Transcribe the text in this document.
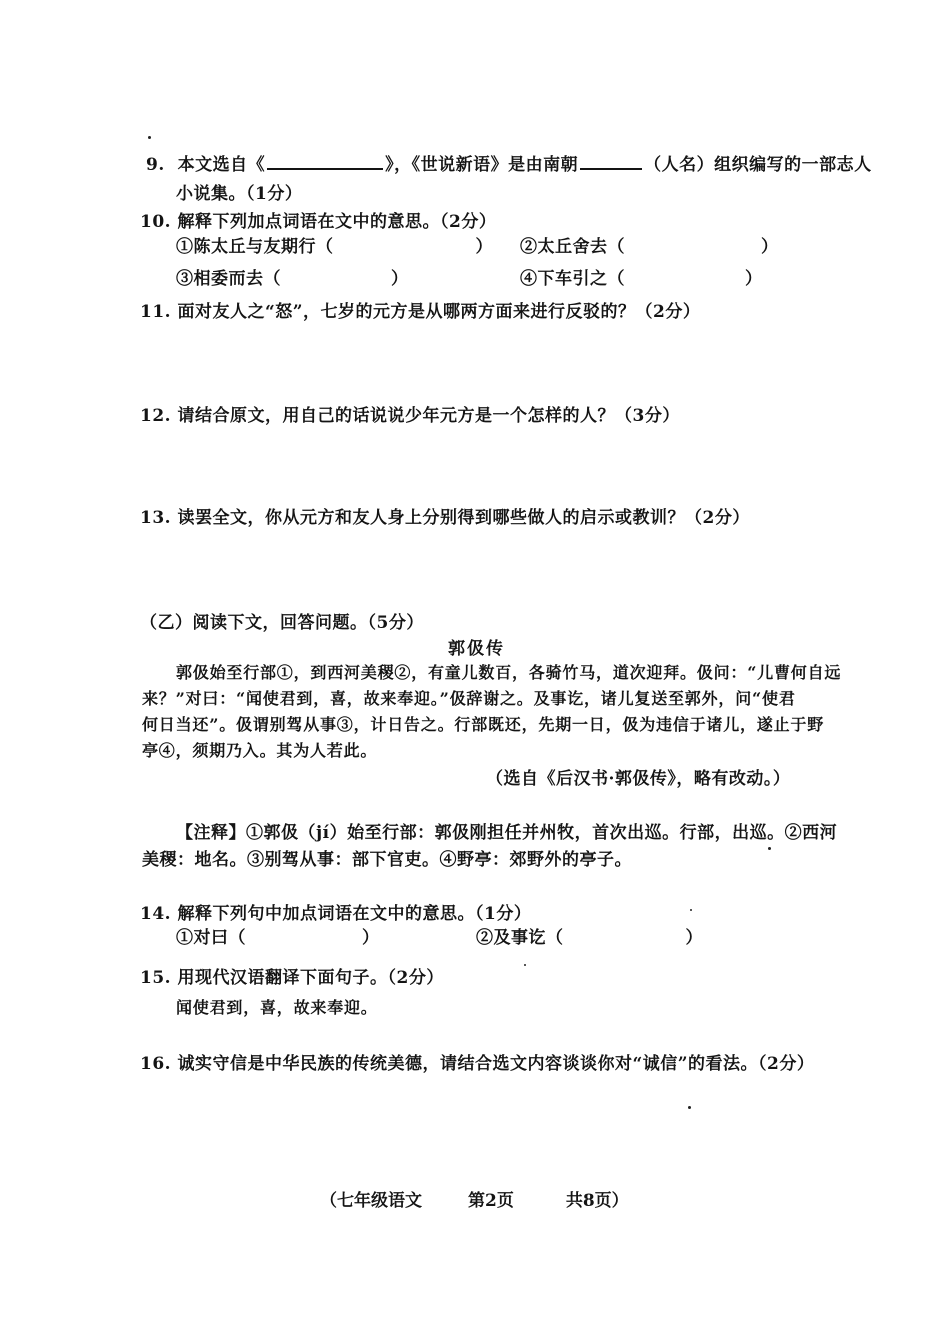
9. 本文选自《	》，《世说新语》是由南朝	（人名）组织编写的一部志人
小说集。（1分）
10. 解释下列加点词语在文中的意思。（2分）
①陈太丘与友期行（	） ②太丘舍去（	）
③相委而去（	）	④下车引之（	）
11. 面对友人之“怒”，七岁的元方是从哪两方面来进行反驳的？（2分）
12. 请结合原文，用自己的话说说少年元方是一个怎样的人？（3分）
13. 读罢全文，你从元方和友人身上分别得到哪些做人的启示或教训？（2分）
（乙）阅读下文，回答问题。（5分）
郭伋传
郭伋始至行部①，到西河美稷②，有童儿数百，各骑竹马，道次迎拜。伋问：“儿曹何自远
来？”对曰：“闻使君到，喜，故来奉迎。”伋辞谢之。及事讫，诸儿复送至郭外，问“使君
何日当还”。伋谓别驾从事③，计日告之。行部既还，先期一日，伋为违信于诸儿，遂止于野
亭④，须期乃入。其为人若此。
（选自《后汉书·郭伋传》，略有改动。）
【注释】①郭伋（jí）始至行部：郭伋刚担任并州牧，首次出巡。行部，出巡。②西河
美稷：地名。③别驾从事：部下官吏。④野亭：郊野外的亭子。
14. 解释下列句中加点词语在文中的意思。（1分）
①对曰（	）	②及事讫（	）
15. 用现代汉语翻译下面句子。（2分）
闻使君到，喜，故来奉迎。
16. 诚实守信是中华民族的传统美德，请结合选文内容谈谈你对“诚信”的看法。（2分）
（七年级语文	第2页	共8页）
